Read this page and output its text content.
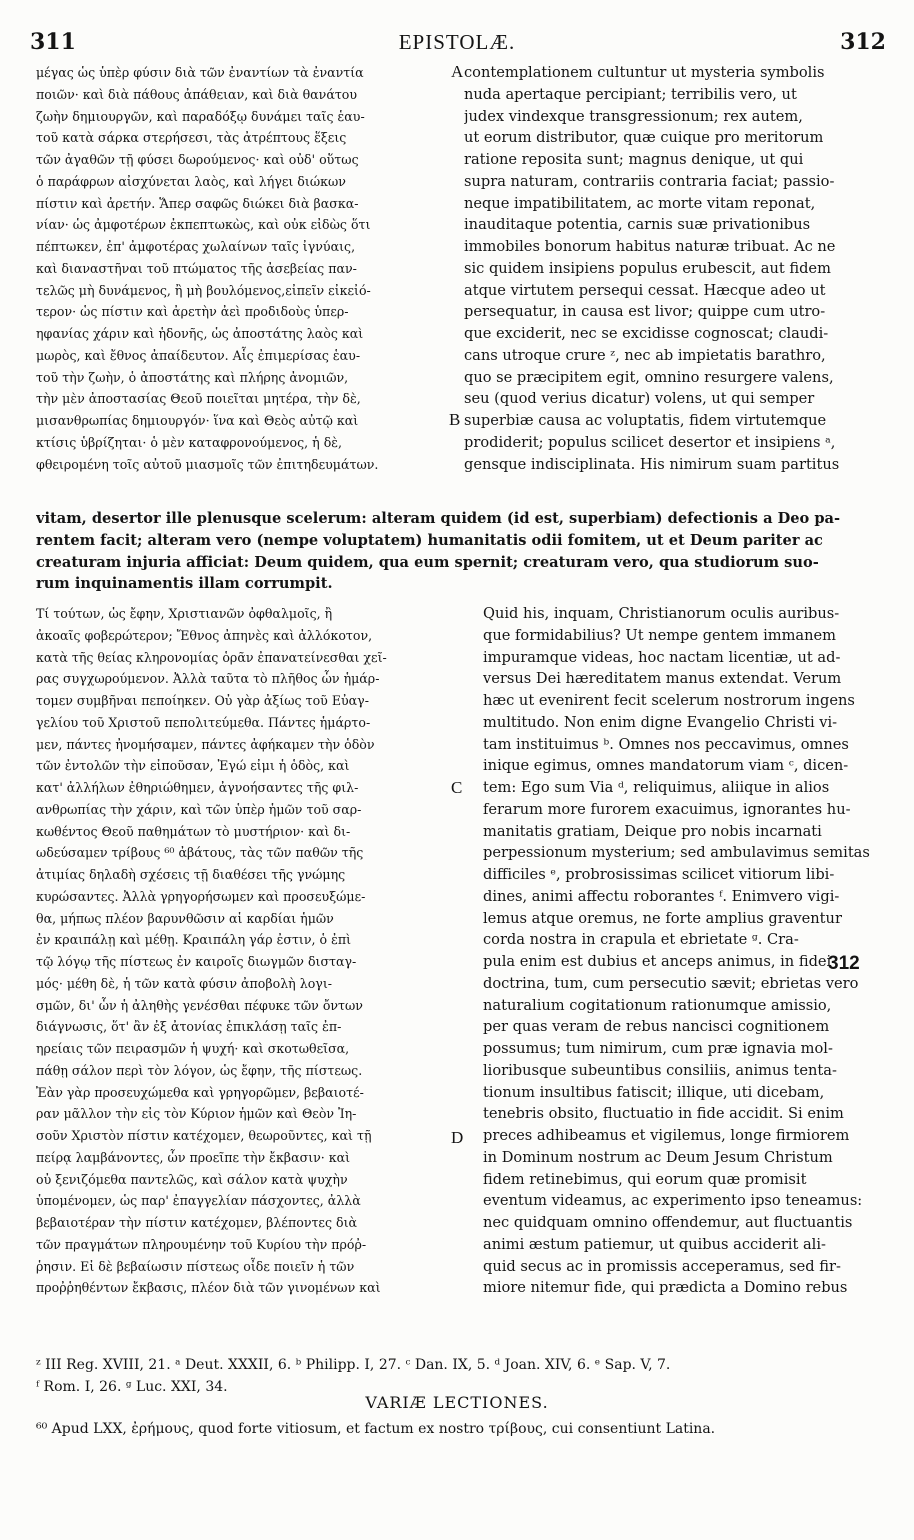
311	EPISTOLÆ.	312
A
B
C
D
μέγας ὡς ὑπὲρ φύσιν διὰ τῶν ἐναντίων τὰ ἐναντία
ποιῶν· καὶ διὰ πάθους ἀπάθειαν, καὶ διὰ θανάτου
ζωὴν δημιουργῶν, καὶ παραδόξῳ δυνάμει ταῖς ἑαυ-
τοῦ κατὰ σάρκα στερήσεσι, τὰς ἀτρέπτους ἕξεις
τῶν ἀγαθῶν τῇ φύσει δωρούμενος· καὶ οὐδ' οὕτως
ὁ παράφρων αἰσχύνεται λαὸς, καὶ λήγει διώκων
πίστιν καὶ ἀρετήν. Ἅπερ σαφῶς διώκει διὰ βασκα-
νίαν· ὡς ἀμφοτέρων ἐκπεπτωκὼς, καὶ οὐκ εἰδὼς ὅτι
πέπτωκεν, ἐπ' ἀμφοτέρας χωλαίνων ταῖς ἰγνύαις,
καὶ διαναστῆναι τοῦ πτώματος τῆς ἀσεβείας παν-
τελῶς μὴ δυνάμενος, ἢ μὴ βουλόμενος,εἰπεῖν εἰκεἰό-
τερον· ὡς πίστιν καὶ ἀρετὴν ἀεὶ προδιδοὺς ὑπερ-
ηφανίας χάριν καὶ ἡδονῆς, ὡς ἀποστάτης λαὸς καὶ
μωρὸς, καὶ ἔθνος ἀπαίδευτον. Αἷς ἐπιμερίσας ἑαυ-
τοῦ τὴν ζωὴν, ὁ ἀποστάτης καὶ πλήρης ἀνομιῶν,
τὴν μὲν ἀποστασίας Θεοῦ ποιεῖται μητέρα, τὴν δὲ,
μισανθρωπίας δημιουργόν· ἵνα καὶ Θεὸς αὐτῷ καὶ
κτίσις ὑβρίζηται· ὁ μὲν καταφρονούμενος, ἡ δὲ,
φθειρομένη τοῖς αὐτοῦ μιασμοῖς τῶν ἐπιτηδευμάτων.
contemplationem cultuntur ut mysteria symbolis
nuda apertaque percipiant; terribilis vero, ut
judex vindexque transgressionum; rex autem,
ut eorum distributor, quæ cuique pro meritorum
ratione reposita sunt; magnus denique, ut qui
supra naturam, contrariis contraria faciat; passio-
neque impatibilitatem, ac morte vitam reponat,
inauditaque potentia, carnis suæ privationibus
immobiles bonorum habitus naturæ tribuat. Ac ne
sic quidem insipiens populus erubescit, aut fidem
atque virtutem persequi cessat. Hæcque adeo ut
persequatur, in causa est livor; quippe cum utro-
que exciderit, nec se excidisse cognoscat; claudi-
cans utroque crure ᶻ, nec ab impietatis barathro,
quo se præcipitem egit, omnino resurgere valens,
seu (quod verius dicatur) volens, ut qui semper
superbiæ causa ac voluptatis, fidem virtutemque
prodiderit; populus scilicet desertor et insipiens ᵃ,
gensque indisciplinata. His nimirum suam partitus
vitam, desertor ille plenusque scelerum: alteram quidem (id est, superbiam) defectionis a Deo pa-
rentem facit; alteram vero (nempe voluptatem) humanitatis odii fomitem, ut et Deum pariter ac
creaturam injuria afficiat: Deum quidem, qua eum spernit; creaturam vero, qua studiorum suo-
rum inquinamentis illam corrumpit.
Τί τούτων, ὡς ἔφην, Χριστιανῶν ὀφθαλμοῖς, ἢ
ἀκοαῖς φοβερώτερον; Ἔθνος ἀπηνὲς καὶ ἀλλόκοτον,
κατὰ τῆς θείας κληρονομίας ὁρᾶν ἐπανατείνεσθαι χεῖ-
ρας συγχωρούμενον. Ἀλλὰ ταῦτα τὸ πλῆθος ὧν ἡμάρ-
τομεν συμβῆναι πεποίηκεν. Οὐ γὰρ ἀξίως τοῦ Εὐαγ-
γελίου τοῦ Χριστοῦ πεπολιτεύμεθα. Πάντες ἡμάρτο-
μεν, πάντες ἠνομήσαμεν, πάντες ἀφήκαμεν τὴν ὁδὸν
τῶν ἐντολῶν τὴν εἰποῦσαν, Ἐγώ εἰμι ἡ ὁδὸς, καὶ
κατ' ἀλλήλων ἐθηριώθημεν, ἀγνοήσαντες τῆς φιλ-
ανθρωπίας τὴν χάριν, καὶ τῶν ὑπὲρ ἡμῶν τοῦ σαρ-
κωθέντος Θεοῦ παθημάτων τὸ μυστήριον· καὶ δι-
ωδεύσαμεν τρίβους ⁶⁰ ἀβάτους, τὰς τῶν παθῶν τῆς
ἀτιμίας δηλαδὴ σχέσεις τῇ διαθέσει τῆς γνώμης
κυρώσαντες. Ἀλλὰ γρηγορήσωμεν καὶ προσευξώμε-
θα, μήπως πλέον βαρυνθῶσιν αἱ καρδίαι ἡμῶν
ἐν κραιπάλῃ καὶ μέθῃ. Κραιπάλη γάρ ἐστιν, ὁ ἐπὶ
τῷ λόγῳ τῆς πίστεως ἐν καιροῖς διωγμῶν δισταγ-
μός· μέθη δὲ, ἡ τῶν κατὰ φύσιν ἀποβολὴ λογι-
σμῶν, δι' ὧν ἡ ἀληθὴς γενέσθαι πέφυκε τῶν ὄντων
διάγνωσις, ὅτ' ἂν ἐξ ἀτονίας ἐπικλάσῃ ταῖς ἐπ-
ηρείαις τῶν πειρασμῶν ἡ ψυχή· καὶ σκοτωθεῖσα,
πάθῃ σάλον περὶ τὸν λόγον, ὡς ἔφην, τῆς πίστεως.
Ἐὰν γὰρ προσευχώμεθα καὶ γρηγορῶμεν, βεβαιοτέ-
ραν μᾶλλον τὴν εἰς τὸν Κύριον ἡμῶν καὶ Θεὸν Ἰη-
σοῦν Χριστὸν πίστιν κατέχομεν, θεωροῦντες, καὶ τῇ
πείρᾳ λαμβάνοντες, ὧν προεῖπε τὴν ἔκβασιν· καὶ
οὐ ξενιζόμεθα παντελῶς, καὶ σάλον κατὰ ψυχὴν
ὑπομένομεν, ὡς παρ' ἐπαγγελίαν πάσχοντες, ἀλλὰ
βεβαιοτέραν τὴν πίστιν κατέχομεν, βλέποντες διὰ
τῶν πραγμάτων πληρουμένην τοῦ Κυρίου τὴν πρόῤ-
ῥησιν. Εἰ δὲ βεβαίωσιν πίστεως οἶδε ποιεῖν ἡ τῶν
προῤῥηθέντων ἔκβασις, πλέον διὰ τῶν γινομένων καὶ
Quid his, inquam, Christianorum oculis auribus-
que formidabilius? Ut nempe gentem immanem
impuramque videas, hoc nactam licentiæ, ut ad-
versus Dei hæreditatem manus extendat. Verum
hæc ut evenirent fecit scelerum nostrorum ingens
multitudo. Non enim digne Evangelio Christi vi-
tam instituimus ᵇ. Omnes nos peccavimus, omnes
inique egimus, omnes mandatorum viam ᶜ, dicen-
tem: Ego sum Via ᵈ, reliquimus, aliique in alios
ferarum more furorem exacuimus, ignorantes hu-
manitatis gratiam, Deique pro nobis incarnati
perpessionum mysterium; sed ambulavimus semitas
difficiles ᵉ, probrosissimas scilicet vitiorum libi-
dines, animi affectu roborantes ᶠ. Enimvero vigi-
lemus atque oremus, ne forte amplius graventur
corda nostra in crapula et ebrietate ᵍ. Cra-
pula enim est dubius et anceps animus, in fidei
doctrina, tum, cum persecutio sævit; ebrietas vero
naturalium cogitationum rationumque amissio,
per quas veram de rebus nancisci cognitionem
possumus; tum nimirum, cum præ ignavia mol-
lioribusque subeuntibus consiliis, animus tenta-
tionum insultibus fatiscit; illique, uti dicebam,
tenebris obsito, fluctuatio in fide accidit. Si enim
preces adhibeamus et vigilemus, longe firmiorem
in Dominum nostrum ac Deum Jesum Christum
fidem retinebimus, qui eorum quæ promisit
eventum videamus, ac experimento ipso teneamus:
nec quidquam omnino offendemur, aut fluctuantis
animi æstum patiemur, ut quibus acciderit ali-
quid secus ac in promissis acceperamus, sed fir-
miore nitemur fide, qui prædicta a Domino rebus
312
ᶻ III Reg. XVIII, 21. ᵃ Deut. XXXII, 6. ᵇ Philipp. I, 27. ᶜ Dan. IX, 5. ᵈ Joan. XIV, 6. ᵉ Sap. V, 7.
ᶠ Rom. I, 26. ᵍ Luc. XXI, 34.
VARIÆ LECTIONES.
⁶⁰ Apud LXX, ἐρήμους, quod forte vitiosum, et factum ex nostro τρίβους, cui consentiunt Latina.
